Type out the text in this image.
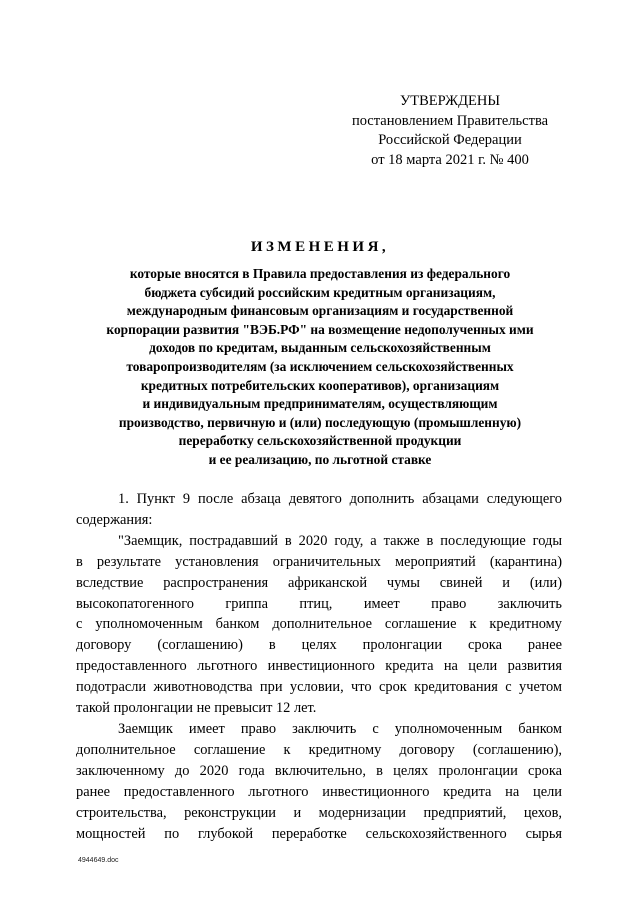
УТВЕРЖДЕНЫ
постановлением Правительства
Российской Федерации
от 18 марта 2021 г. № 400
ИЗМЕНЕНИЯ,
которые вносятся в Правила предоставления из федерального
бюджета субсидий российским кредитным организациям,
международным финансовым организациям и государственной
корпорации развития "ВЭБ.РФ" на возмещение недополученных ими
доходов по кредитам, выданным сельскохозяйственным
товаропроизводителям (за исключением сельскохозяйственных
кредитных потребительских кооперативов), организациям
и индивидуальным предпринимателям, осуществляющим
производство, первичную и (или) последующую (промышленную)
переработку сельскохозяйственной продукции
и ее реализацию, по льготной ставке
1. Пункт 9 после абзаца девятого дополнить абзацами следующего
содержания:
"Заемщик, пострадавший в 2020 году, а также в последующие годы
в результате установления ограничительных мероприятий (карантина)
вследствие распространения африканской чумы свиней и (или)
высокопатогенного гриппа птиц, имеет право заключить
с уполномоченным банком дополнительное соглашение к кредитному
договору (соглашению) в целях пролонгации срока ранее
предоставленного льготного инвестиционного кредита на цели развития
подотрасли животноводства при условии, что срок кредитования с учетом
такой пролонгации не превысит 12 лет.
Заемщик имеет право заключить с уполномоченным банком
дополнительное соглашение к кредитному договору (соглашению),
заключенному до 2020 года включительно, в целях пролонгации срока
ранее предоставленного льготного инвестиционного кредита на цели
строительства, реконструкции и модернизации предприятий, цехов,
мощностей по глубокой переработке сельскохозяйственного сырья
4944649.doc
